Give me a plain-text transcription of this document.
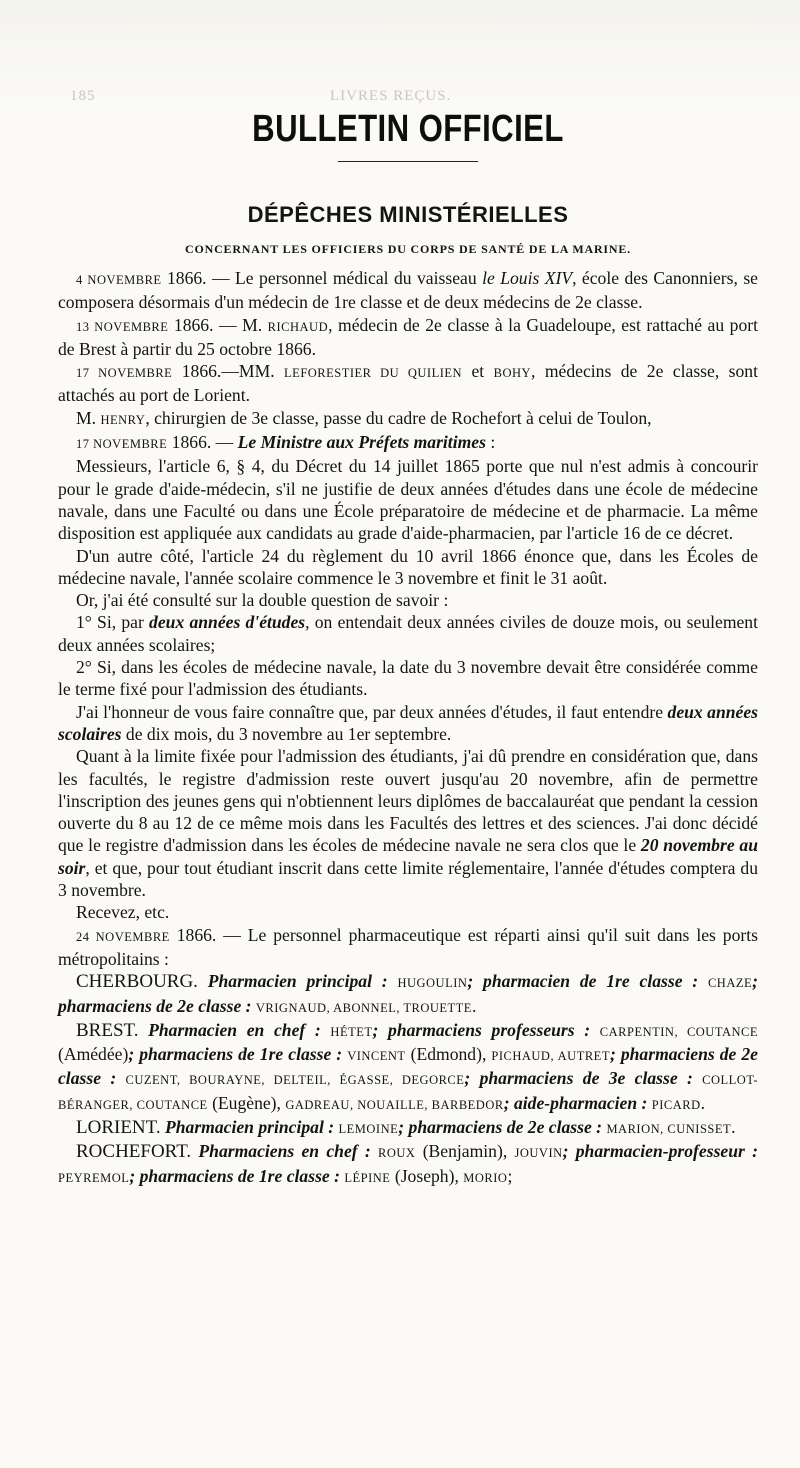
LIVRES REÇUS.
185
BULLETIN OFFICIEL
DÉPÊCHES MINISTÉRIELLES
CONCERNANT LES OFFICIERS DU CORPS DE SANTÉ DE LA MARINE.

4 NOVEMBRE 1866. — Le personnel médical du vaisseau le Louis XIV, école des Canonniers, se composera désormais d'un médecin de 1re classe et de deux médecins de 2e classe.

13 NOVEMBRE 1866. — M. RICHAUD, médecin de 2e classe à la Guadeloupe, est rattaché au port de Brest à partir du 25 octobre 1866.

17 NOVEMBRE 1866.—MM. LEFORESTIER DU QUILIEN et BOHY, médecins de 2e classe, sont attachés au port de Lorient.

M. HENRY, chirurgien de 3e classe, passe du cadre de Rochefort à celui de Toulon,

17 NOVEMBRE 1866. — Le Ministre aux Préfets maritimes :

Messieurs, l'article 6, § 4, du Décret du 14 juillet 1865 porte que nul n'est admis à concourir pour le grade d'aide-médecin, s'il ne justifie de deux années d'études dans une école de médecine navale, dans une Faculté ou dans une École préparatoire de médecine et de pharmacie. La même disposition est appliquée aux candidats au grade d'aide-pharmacien, par l'article 16 de ce décret.

D'un autre côté, l'article 24 du règlement du 10 avril 1866 énonce que, dans les Écoles de médecine navale, l'année scolaire commence le 3 novembre et finit le 31 août.

Or, j'ai été consulté sur la double question de savoir :

1° Si, par deux années d'études, on entendait deux années civiles de douze mois, ou seulement deux années scolaires;

2° Si, dans les écoles de médecine navale, la date du 3 novembre devait être considérée comme le terme fixé pour l'admission des étudiants.

J'ai l'honneur de vous faire connaître que, par deux années d'études, il faut entendre deux années scolaires de dix mois, du 3 novembre au 1er septembre.

Quant à la limite fixée pour l'admission des étudiants, j'ai dû prendre en considération que, dans les facultés, le registre d'admission reste ouvert jusqu'au 20 novembre, afin de permettre l'inscription des jeunes gens qui n'obtiennent leurs diplômes de baccalauréat que pendant la cession ouverte du 8 au 12 de ce même mois dans les Facultés des lettres et des sciences. J'ai donc décidé que le registre d'admission dans les écoles de médecine navale ne sera clos que le 20 novembre au soir, et que, pour tout étudiant inscrit dans cette limite réglementaire, l'année d'études comptera du 3 novembre.

Recevez, etc.

24 NOVEMBRE 1866. — Le personnel pharmaceutique est réparti ainsi qu'il suit dans les ports métropolitains :

CHERBOURG. Pharmacien principal : HUGOULIN; pharmacien de 1re classe : CHAZE; pharmaciens de 2e classe : VRIGNAUD, ABONNEL, TROUETTE.

BREST. Pharmacien en chef : HÉTET; pharmaciens professeurs : CARPENTIN, COUTANCE (Amédée); pharmaciens de 1re classe : VINCENT (Edmond), PICHAUD, AUTRET; pharmaciens de 2e classe : CUZENT, BOURAYNE, DELTEIL, ÉGASSE, DEGORCE; pharmaciens de 3e classe : COLLOT-BÉRANGER, COUTANCE (Eugène), GADREAU, NOUAILLE, BARBEDOR; aide-pharmacien : PICARD.

LORIENT. Pharmacien principal : LEMOINE; pharmaciens de 2e classe : MARION, CUNISSET.

ROCHEFORT. Pharmaciens en chef : ROUX (Benjamin), JOUVIN; pharmacien-professeur : PEYREMOL; pharmaciens de 1re classe : LÉPINE (Joseph), MORIO;
